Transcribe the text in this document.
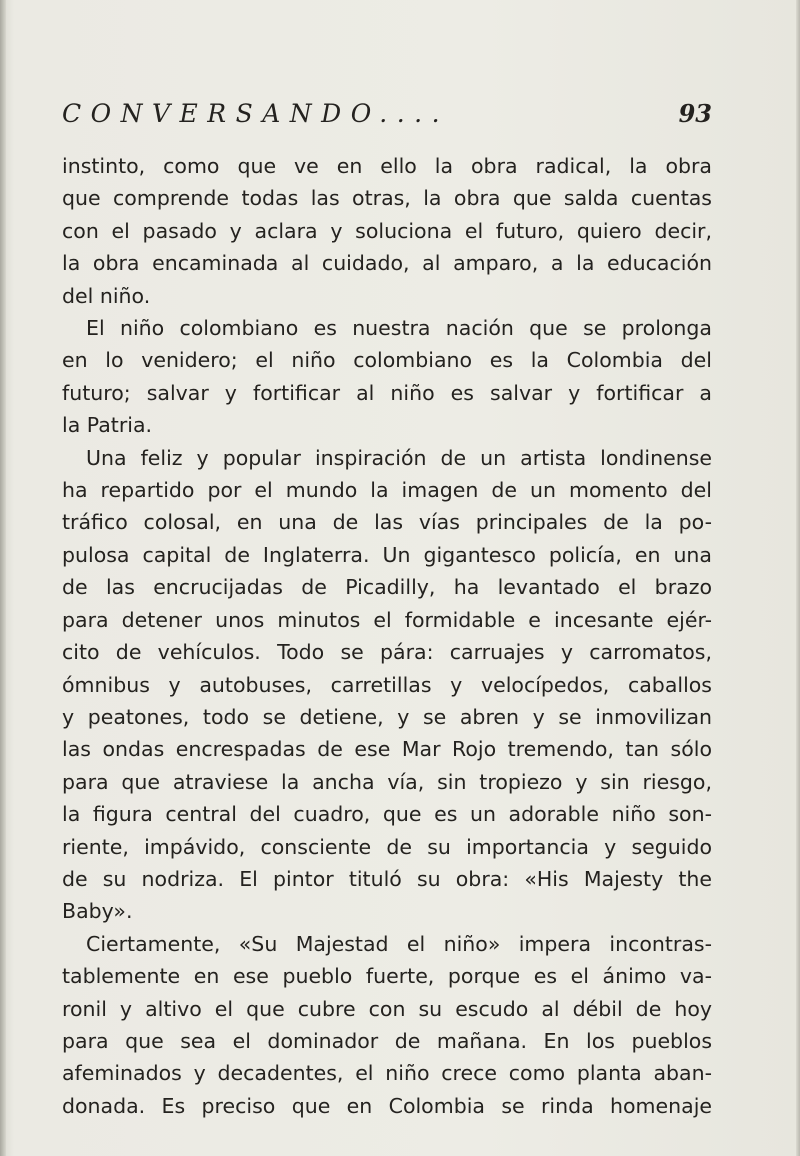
CONVERSANDO....	93
instinto, como que ve en ello la obra radical, la obra
que comprende todas las otras, la obra que salda cuentas
con el pasado y aclara y soluciona el futuro, quiero decir,
la obra encaminada al cuidado, al amparo, a la educación
del niño.
El niño colombiano es nuestra nación que se prolonga
en lo venidero; el niño colombiano es la Colombia del
futuro; salvar y fortificar al niño es salvar y fortificar a
la Patria.
Una feliz y popular inspiración de un artista londinense
ha repartido por el mundo la imagen de un momento del
tráfico colosal, en una de las vías principales de la po-
pulosa capital de Inglaterra. Un gigantesco policía, en una
de las encrucijadas de Picadilly, ha levantado el brazo
para detener unos minutos el formidable e incesante ejér-
cito de vehículos. Todo se pára: carruajes y carromatos,
ómnibus y autobuses, carretillas y velocípedos, caballos
y peatones, todo se detiene, y se abren y se inmovilizan
las ondas encrespadas de ese Mar Rojo tremendo, tan sólo
para que atraviese la ancha vía, sin tropiezo y sin riesgo,
la figura central del cuadro, que es un adorable niño son-
riente, impávido, consciente de su importancia y seguido
de su nodriza. El pintor tituló su obra: «His Majesty the
Baby».
Ciertamente, «Su Majestad el niño» impera incontras-
tablemente en ese pueblo fuerte, porque es el ánimo va-
ronil y altivo el que cubre con su escudo al débil de hoy
para que sea el dominador de mañana. En los pueblos
afeminados y decadentes, el niño crece como planta aban-
donada. Es preciso que en Colombia se rinda homenaje
